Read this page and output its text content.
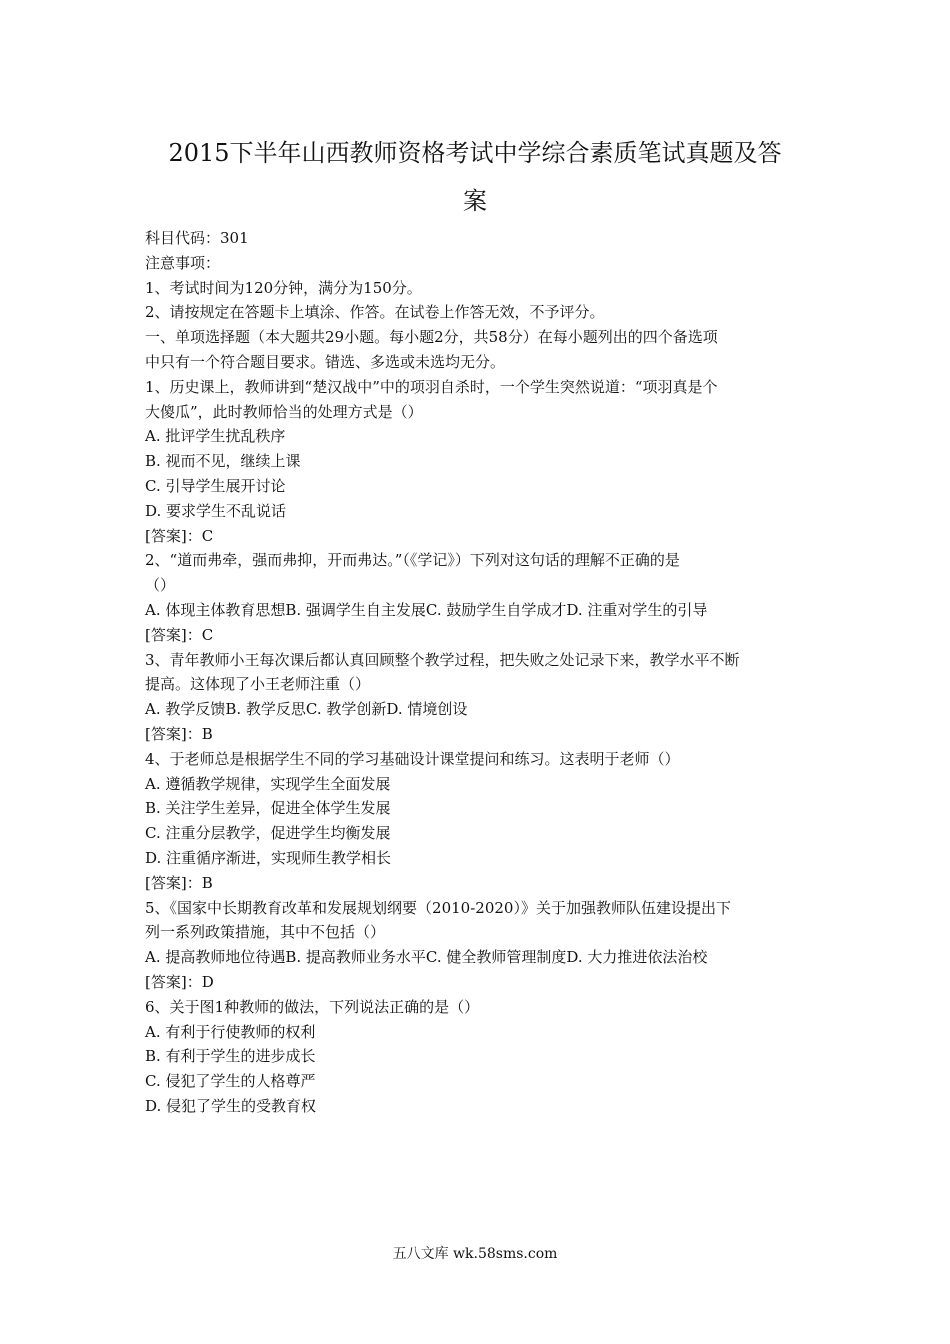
2015下半年山西教师资格考试中学综合素质笔试真题及答
案

科目代码：301

注意事项：

1、考试时间为120分钟，满分为150分。

2、请按规定在答题卡上填涂、作答。在试卷上作答无效，不予评分。

一、单项选择题（本大题共29小题。每小题2分，共58分）在每小题列出的四个备选项

中只有一个符合题目要求。错选、多选或未选均无分。

1、历史课上，教师讲到“楚汉战中”中的项羽自杀时，一个学生突然说道：“项羽真是个

大傻瓜”，此时教师恰当的处理方式是（）

A. 批评学生扰乱秩序

B. 视而不见，继续上课

C. 引导学生展开讨论

D. 要求学生不乱说话

[答案]：C

2、“道而弗牵，强而弗抑，开而弗达。”（《学记》）下列对这句话的理解不正确的是

（）

A. 体现主体教育思想B. 强调学生自主发展C. 鼓励学生自学成才D. 注重对学生的引导

[答案]：C

3、青年教师小王每次课后都认真回顾整个教学过程，把失败之处记录下来，教学水平不断

提高。这体现了小王老师注重（）

A. 教学反馈B. 教学反思C. 教学创新D. 情境创设

[答案]：B

4、于老师总是根据学生不同的学习基础设计课堂提问和练习。这表明于老师（）

A. 遵循教学规律，实现学生全面发展

B. 关注学生差异，促进全体学生发展

C. 注重分层教学，促进学生均衡发展

D. 注重循序渐进，实现师生教学相长

[答案]：B

5、《国家中长期教育改革和发展规划纲要（2010-2020）》关于加强教师队伍建设提出下

列一系列政策措施，其中不包括（）

A. 提高教师地位待遇B. 提高教师业务水平C. 健全教师管理制度D. 大力推进依法治校

[答案]：D

6、关于图1种教师的做法，下列说法正确的是（）

A. 有利于行使教师的权利

B. 有利于学生的进步成长

C. 侵犯了学生的人格尊严

D. 侵犯了学生的受教育权

五八文库 wk.58sms.com
